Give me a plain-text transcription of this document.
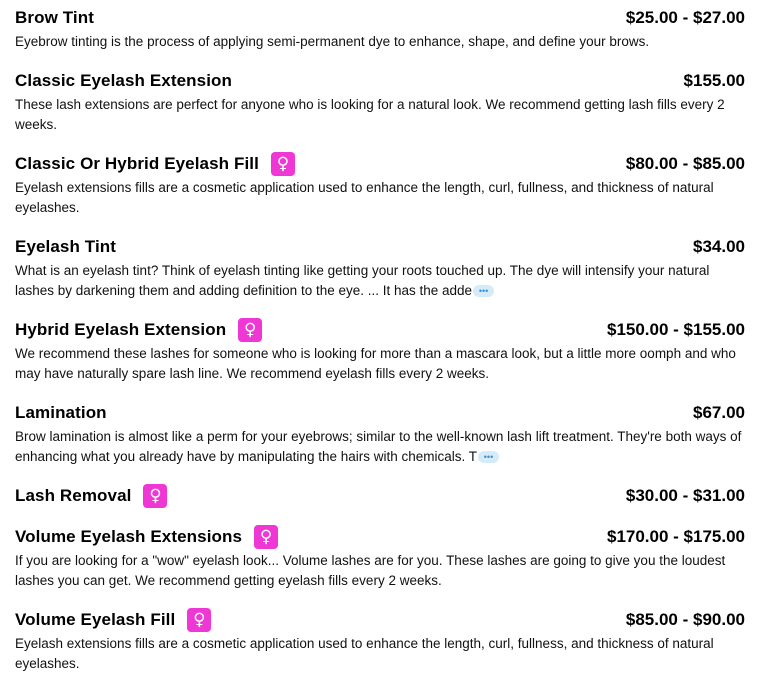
Brow Tint	$25.00 - $27.00
Eyebrow tinting is the process of applying semi-permanent dye to enhance, shape, and define your brows.
Classic Eyelash Extension	$155.00
These lash extensions are perfect for anyone who is looking for a natural look. We recommend getting lash fills every 2 weeks.
Classic Or Hybrid Eyelash Fill	♀	$80.00 - $85.00
Eyelash extensions fills are a cosmetic application used to enhance the length, curl, fullness, and thickness of natural eyelashes.
Eyelash Tint	$34.00
What is an eyelash tint? Think of eyelash tinting like getting your roots touched up. The dye will intensify your natural lashes by darkening them and adding definition to the eye. ... It has the adde •••
Hybrid Eyelash Extension	♀	$150.00 - $155.00
We recommend these lashes for someone who is looking for more than a mascara look, but a little more oomph and who may have naturally spare lash line. We recommend eyelash fills every 2 weeks.
Lamination	$67.00
Brow lamination is almost like a perm for your eyebrows; similar to the well-known lash lift treatment. They're both ways of enhancing what you already have by manipulating the hairs with chemicals. T •••
Lash Removal	♀	$30.00 - $31.00
Volume Eyelash Extensions	♀	$170.00 - $175.00
If you are looking for a "wow" eyelash look... Volume lashes are for you. These lashes are going to give you the loudest lashes you can get. We recommend getting eyelash fills every 2 weeks.
Volume Eyelash Fill	♀	$85.00 - $90.00
Eyelash extensions fills are a cosmetic application used to enhance the length, curl, fullness, and thickness of natural eyelashes.
